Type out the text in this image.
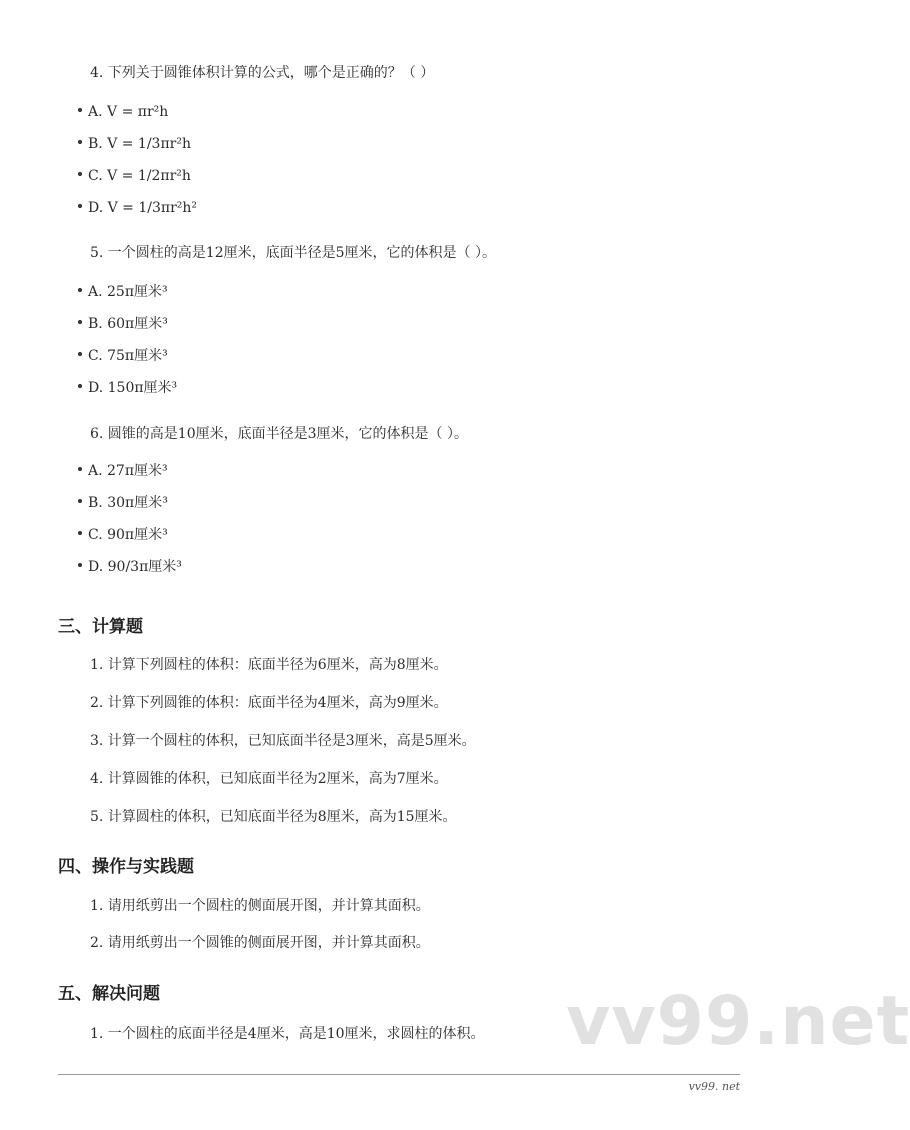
4. 下列关于圆锥体积计算的公式，哪个是正确的？（ ）
A. V = πr²h
B. V = 1/3πr²h
C. V = 1/2πr²h
D. V = 1/3πr²h²
5. 一个圆柱的高是12厘米，底面半径是5厘米，它的体积是（ ）。
A. 25π厘米³
B. 60π厘米³
C. 75π厘米³
D. 150π厘米³
6. 圆锥的高是10厘米，底面半径是3厘米，它的体积是（ ）。
A. 27π厘米³
B. 30π厘米³
C. 90π厘米³
D. 90/3π厘米³
三、计算题
1. 计算下列圆柱的体积：底面半径为6厘米，高为8厘米。
2. 计算下列圆锥的体积：底面半径为4厘米，高为9厘米。
3. 计算一个圆柱的体积，已知底面半径是3厘米，高是5厘米。
4. 计算圆锥的体积，已知底面半径为2厘米，高为7厘米。
5. 计算圆柱的体积，已知底面半径为8厘米，高为15厘米。
四、操作与实践题
1. 请用纸剪出一个圆柱的侧面展开图，并计算其面积。
2. 请用纸剪出一个圆锥的侧面展开图，并计算其面积。
五、解决问题
1. 一个圆柱的底面半径是4厘米，高是10厘米，求圆柱的体积。 vv99.net
vv99. net
